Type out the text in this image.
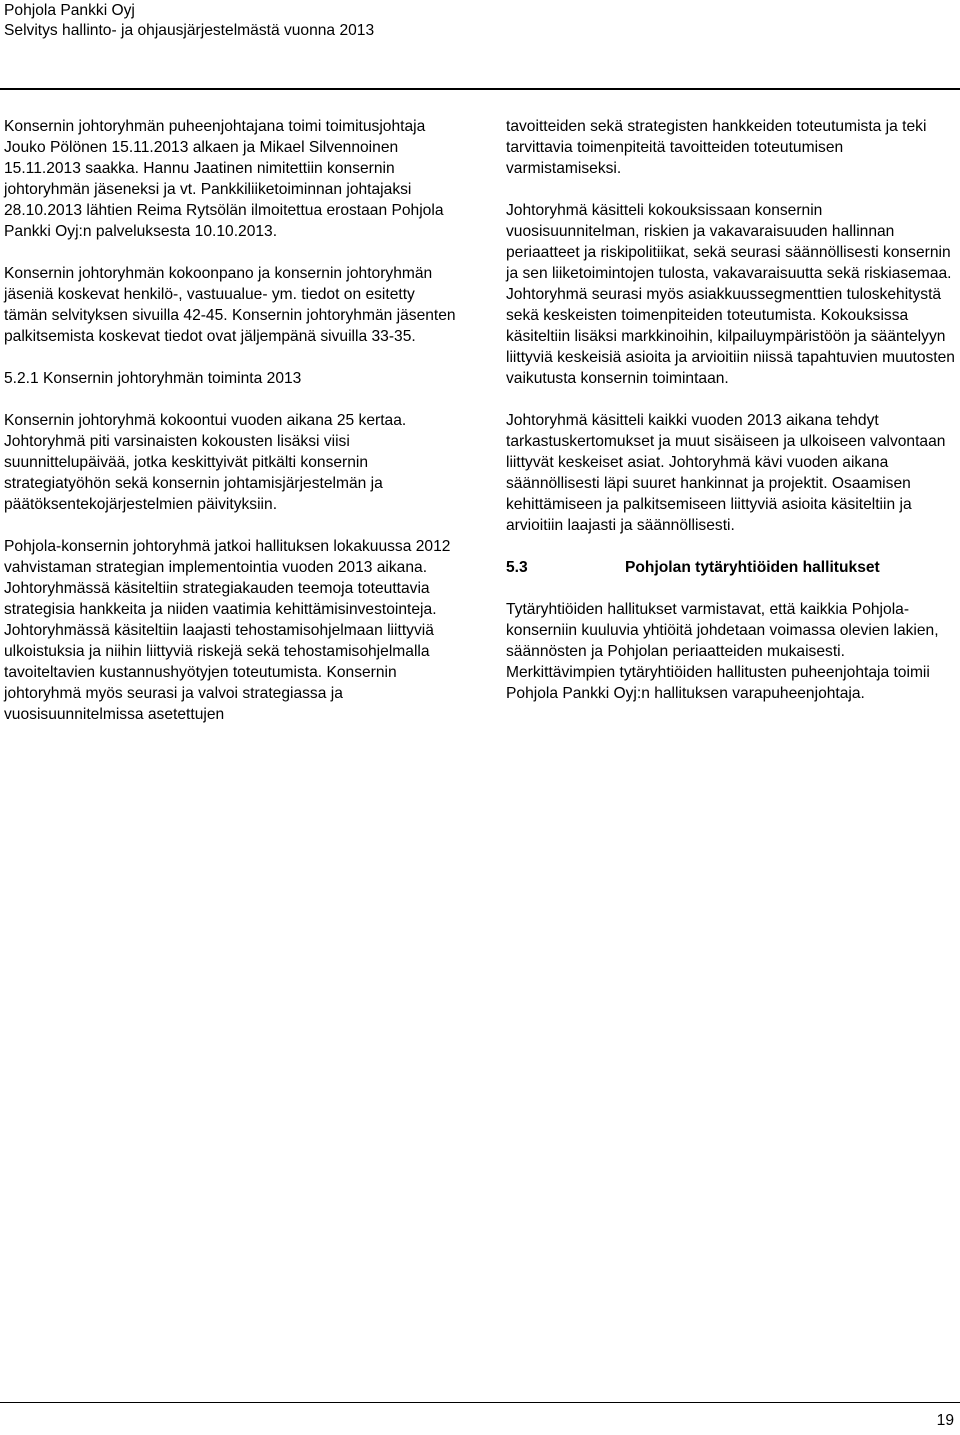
Pohjola Pankki Oyj
Selvitys hallinto- ja ohjausjärjestelmästä vuonna 2013

Konsernin johtoryhmän puheenjohtajana toimi toimitusjohtaja Jouko Pölönen 15.11.2013 alkaen ja Mikael Silvennoinen 15.11.2013 saakka. Hannu Jaatinen nimitettiin konsernin johtoryhmän jäseneksi ja vt. Pankkiliiketoiminnan johtajaksi 28.10.2013 lähtien Reima Rytsölän ilmoitettua erostaan Pohjola Pankki Oyj:n palveluksesta 10.10.2013.

Konsernin johtoryhmän kokoonpano ja konsernin johtoryhmän jäseniä koskevat henkilö-, vastuualue- ym. tiedot on esitetty tämän selvityksen sivuilla 42-45. Konsernin johtoryhmän jäsenten palkitsemista koskevat tiedot ovat jäljempänä sivuilla 33-35.

5.2.1 Konsernin johtoryhmän toiminta 2013

Konsernin johtoryhmä kokoontui vuoden aikana 25 kertaa. Johtoryhmä piti varsinaisten kokousten lisäksi viisi suunnittelupäivää, jotka keskittyivät pitkälti konsernin strategiatyöhön sekä konsernin johtamisjärjestelmän ja päätöksentekojärjestelmien päivityksiin.

Pohjola-konsernin johtoryhmä jatkoi hallituksen lokakuussa 2012 vahvistaman strategian implementointia vuoden 2013 aikana. Johtoryhmässä käsiteltiin strategiakauden teemoja toteuttavia strategisia hankkeita ja niiden vaatimia kehittämisinvestointeja. Johtoryhmässä käsiteltiin laajasti tehostamisohjelmaan liittyviä ulkoistuksia ja niihin liittyviä riskejä sekä tehostamisohjelmalla tavoiteltavien kustannushyötyjen toteutumista. Konsernin johtoryhmä myös seurasi ja valvoi strategiassa ja vuosisuunnitelmissa asetettujen

tavoitteiden sekä strategisten hankkeiden toteutumista ja teki tarvittavia toimenpiteitä tavoitteiden toteutumisen varmistamiseksi.

Johtoryhmä käsitteli kokouksissaan konsernin vuosisuunnitelman, riskien ja vakavaraisuuden hallinnan periaatteet ja riskipolitiikat, sekä seurasi säännöllisesti konsernin ja sen liiketoimintojen tulosta, vakavaraisuutta sekä riskiasemaa. Johtoryhmä seurasi myös asiakkuussegmenttien tuloskehitystä sekä keskeisten toimenpiteiden toteutumista. Kokouksissa käsiteltiin lisäksi markkinoihin, kilpailuympäristöön ja sääntelyyn liittyviä keskeisiä asioita ja arvioitiin niissä tapahtuvien muutosten vaikutusta konsernin toimintaan.

Johtoryhmä käsitteli kaikki vuoden 2013 aikana tehdyt tarkastuskertomukset ja muut sisäiseen ja ulkoiseen valvontaan liittyvät keskeiset asiat. Johtoryhmä kävi vuoden aikana säännöllisesti läpi suuret hankinnat ja projektit. Osaamisen kehittämiseen ja palkitsemiseen liittyviä asioita käsiteltiin ja arvioitiin laajasti ja säännöllisesti.

5.3	Pohjolan tytäryhtiöiden hallitukset

Tytäryhtiöiden hallitukset varmistavat, että kaikkia Pohjola-konserniin kuuluvia yhtiöitä johdetaan voimassa olevien lakien, säännösten ja Pohjolan periaatteiden mukaisesti. Merkittävimpien tytäryhtiöiden hallitusten puheenjohtaja toimii Pohjola Pankki Oyj:n hallituksen varapuheenjohtaja.

19
